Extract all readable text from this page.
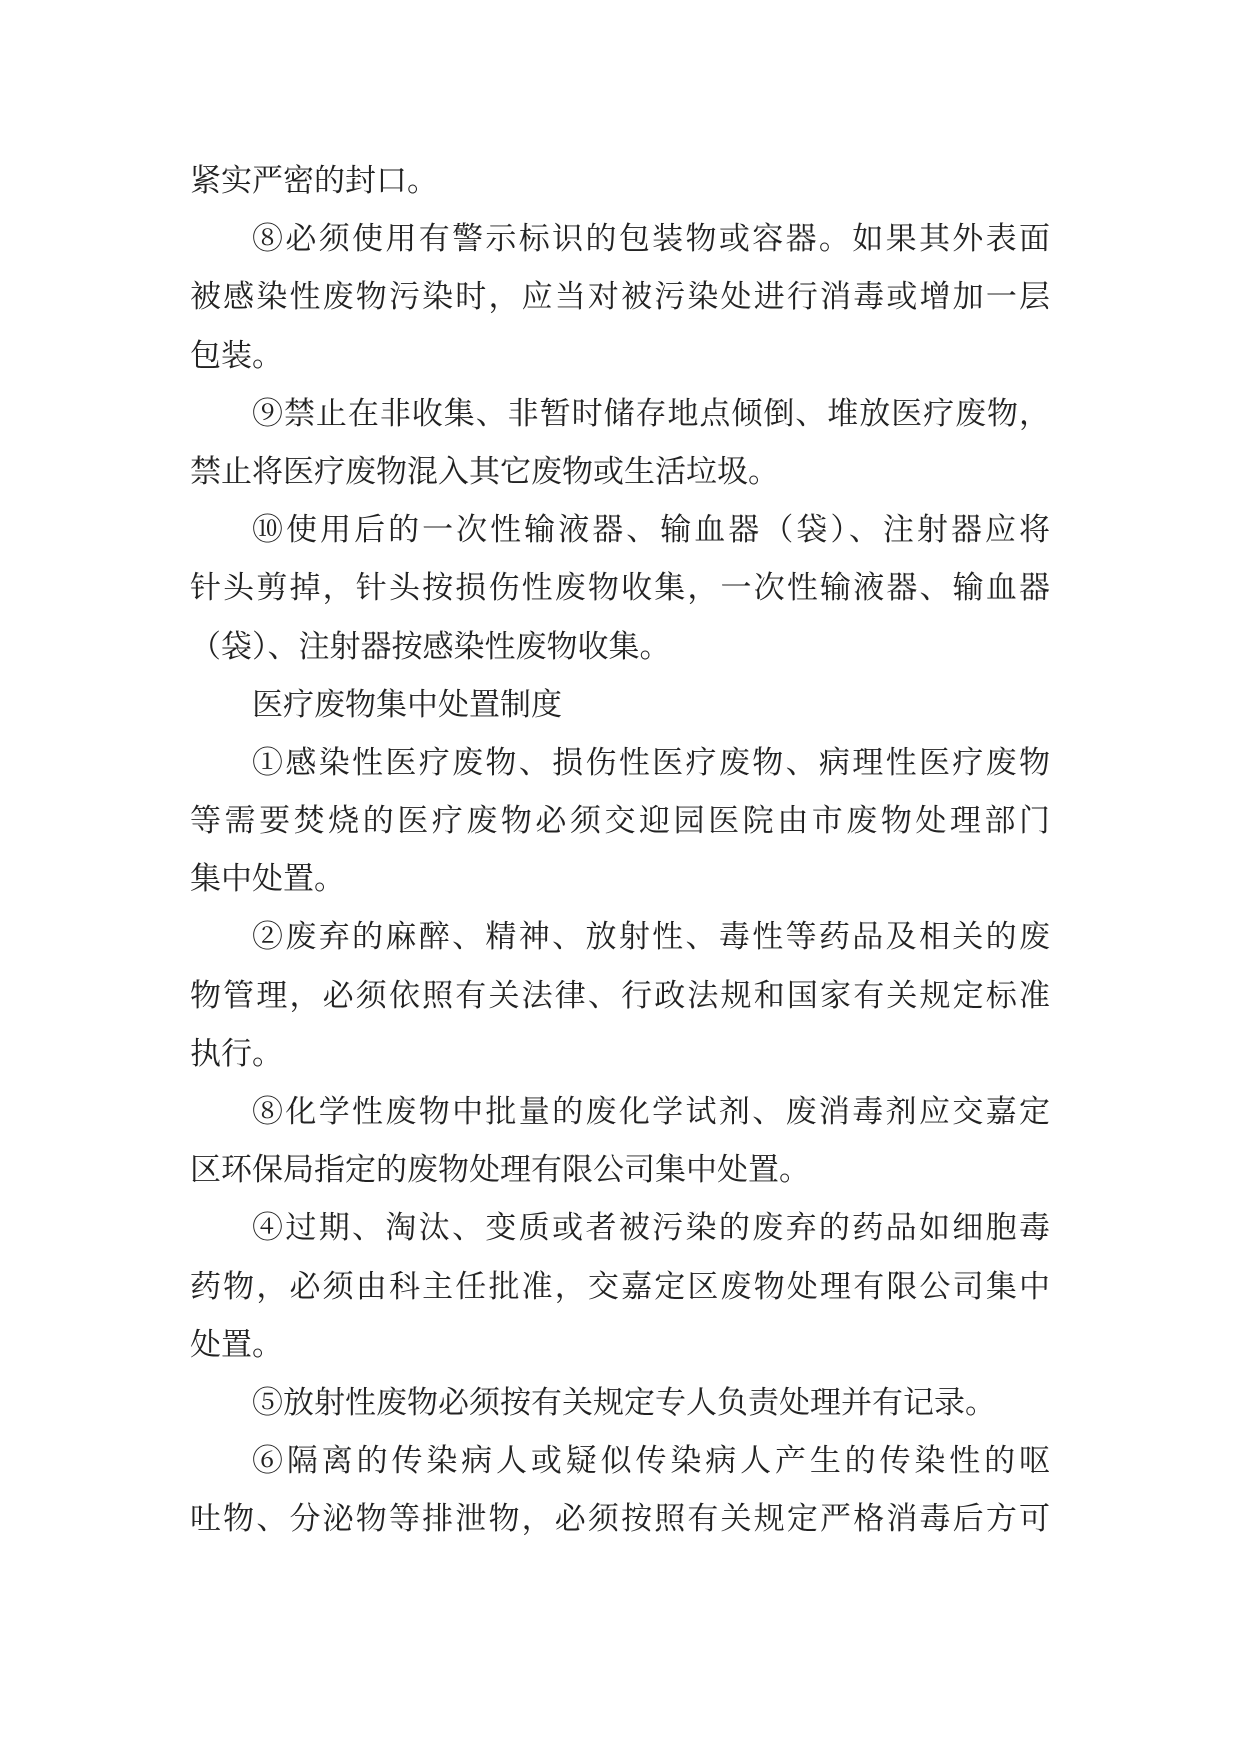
紧实严密的封口。
⑧必须使用有警示标识的包装物或容器。如果其外表面
被感染性废物污染时，应当对被污染处进行消毒或增加一层
包装。
⑨禁止在非收集、非暂时储存地点倾倒、堆放医疗废物，
禁止将医疗废物混入其它废物或生活垃圾。
⑩使用后的一次性输液器、输血器（袋）、注射器应将
针头剪掉，针头按损伤性废物收集，一次性输液器、输血器
（袋）、注射器按感染性废物收集。
医疗废物集中处置制度
①感染性医疗废物、损伤性医疗废物、病理性医疗废物
等需要焚烧的医疗废物必须交迎园医院由市废物处理部门
集中处置。
②废弃的麻醉、精神、放射性、毒性等药品及相关的废
物管理，必须依照有关法律、行政法规和国家有关规定标准
执行。
⑧化学性废物中批量的废化学试剂、废消毒剂应交嘉定
区环保局指定的废物处理有限公司集中处置。
④过期、淘汰、变质或者被污染的废弃的药品如细胞毒
药物，必须由科主任批准，交嘉定区废物处理有限公司集中
处置。
⑤放射性废物必须按有关规定专人负责处理并有记录。
⑥隔离的传染病人或疑似传染病人产生的传染性的呕
吐物、分泌物等排泄物，必须按照有关规定严格消毒后方可
